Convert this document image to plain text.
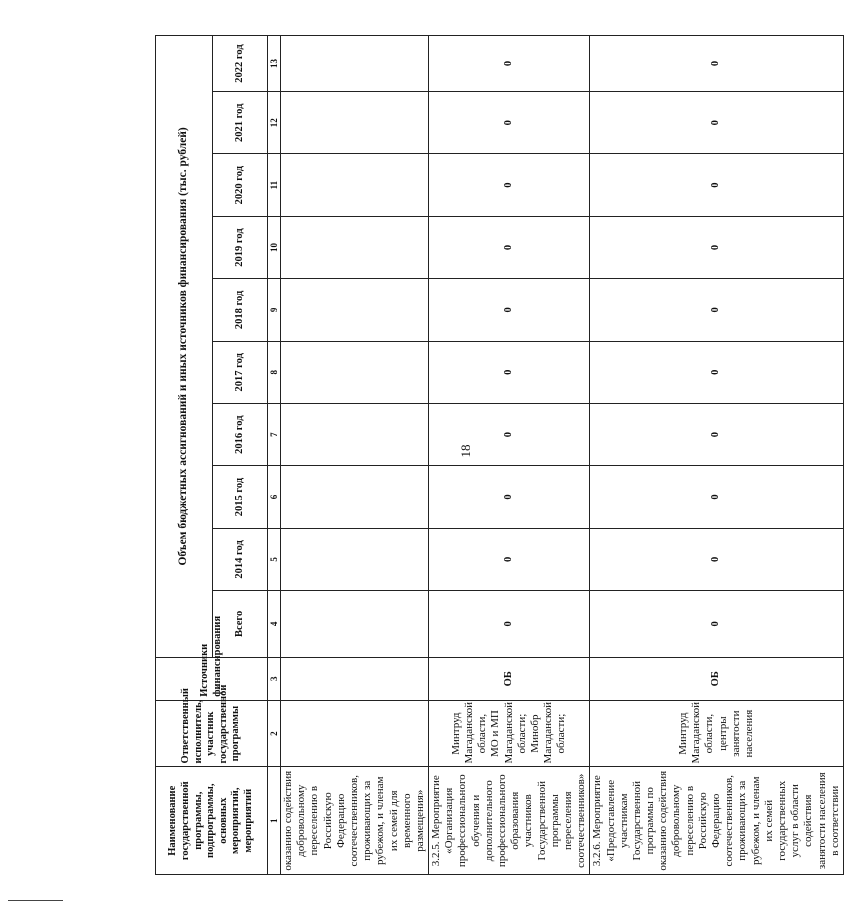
18
Наименование государственной программы, подпрограммы, основных мероприятий, мероприятий	Ответственный исполнитель, участник государственной программы	Источники финансирования	Объем бюджетных ассигнований и иных источников финансирования (тыс. рублей)									
			Всего	2014 год	2015 год	2016 год	2017 год	2018 год	2019 год	2020 год	2021 год	2022 год
1	2	3	4	5	6	7	8	9	10	11	12	13
оказанию содействия добровольному переселению в Российскую Федерацию соотечественников, проживающих за рубежом, и членам их семей для временного размещения»												
3.2.5. Мероприятие «Организация профессионального обучения и дополнительного профессионального образования участников Государственной программы переселения соотечественников»	Минтруд Магаданской области, МО и МП Магаданской области; Минобр Магаданской области;	ОБ	0	0	0	0	0	0	0	0	0	0
3.2.6. Мероприятие «Предоставление участникам Государственной программы по оказанию содействия добровольному переселению в Российскую Федерацию соотечественников, проживающих за рубежом, и членам их семей государственных услуг в области содействия занятости населения в соответствии	Минтруд Магаданской области, центры занятости населения	ОБ	0	0	0	0	0	0	0	0	0	0
